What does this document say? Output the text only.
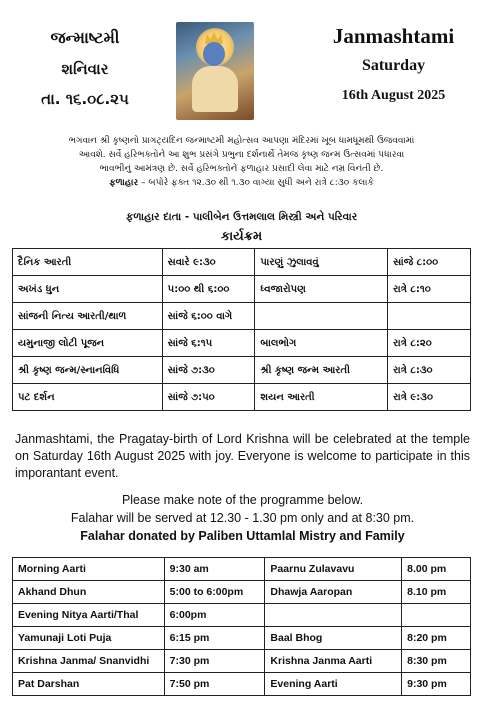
જન્માષ્ટમી
શનિવાર
તા. ૧૬.૦૮.૨૫
Janmashtami
Saturday
16th August 2025
ભગવાન શ્રી કૃષ્ણનો પ્રાગટ્યદિન જન્માષ્ટમી મહોત્સવ આપણા મંદિરમાં ખૂબ ધામધૂમથી ઉજવવામાં
આવશે. સર્વે હરિભક્તોને આ શુભ પ્રસંગે પ્રભુના દર્શનાર્થે તેમજ કૃષ્ણ જન્મ ઉત્સવમાં પધારવા
ભાવભીનું આમંત્રણ છે. સર્વે હરિભક્તોને ફળાહાર પ્રસાદી લેવા માટે નમ્ર વિનંતી છે.
ફળાહાર – બપોરે ફક્ત ૧૨.૩૦ થી ૧.૩૦ વાગ્યા સુધી અને રાત્રે ૮:૩૦ કલાકે
ફળાહાર દાતા - પાલીબેન ઉત્તમલાલ મિસ્ત્રી અને પરિવાર
કાર્યક્રમ
દૈનિક આરતી	સવારે ૯:૩૦	પારણું ઝુલાવવું	સાંજે ૮:૦૦
અખંડ ધુન	૫:૦૦ થી ૬:૦૦	ધ્વજારોપણ	રાત્રે ૮:૧૦
સાંજની નિત્ય આરતી/થાળ	સાંજે ૬:૦૦ વાગે		
યમુનાજી લોટી પૂજન	સાંજે ૬:૧૫	બાલભોગ	રાત્રે ૮:૨૦
શ્રી કૃષ્ણ જન્મ/સ્નાનવિધિ	સાંજે ૭:૩૦	શ્રી કૃષ્ણ જન્મ આરતી	રાત્રે ૮:૩૦
પટ દર્શન	સાંજે ૭:૫૦	શયન આરતી	રાત્રે ૯:૩૦
Janmashtami, the Pragatay-birth of Lord Krishna will be celebrated at the temple on Saturday 16th August 2025 with joy. Everyone is welcome to participate in this imporantant event.
Please make note of the programme below.
Falahar will be served at 12.30 - 1.30 pm only and at 8:30 pm.
Falahar donated by Paliben Uttamlal Mistry and Family
Morning Aarti	9:30 am	Paarnu Zulavavu	8.00 pm
Akhand Dhun	5:00 to 6:00pm	Dhawja Aaropan	8.10 pm
Evening Nitya Aarti/Thal	6:00pm		
Yamunaji Loti Puja	6:15 pm	Baal Bhog	8:20 pm
Krishna Janma/ Snanvidhi	7:30 pm	Krishna Janma Aarti	8:30 pm
Pat Darshan	7:50 pm	Evening Aarti	9:30 pm
